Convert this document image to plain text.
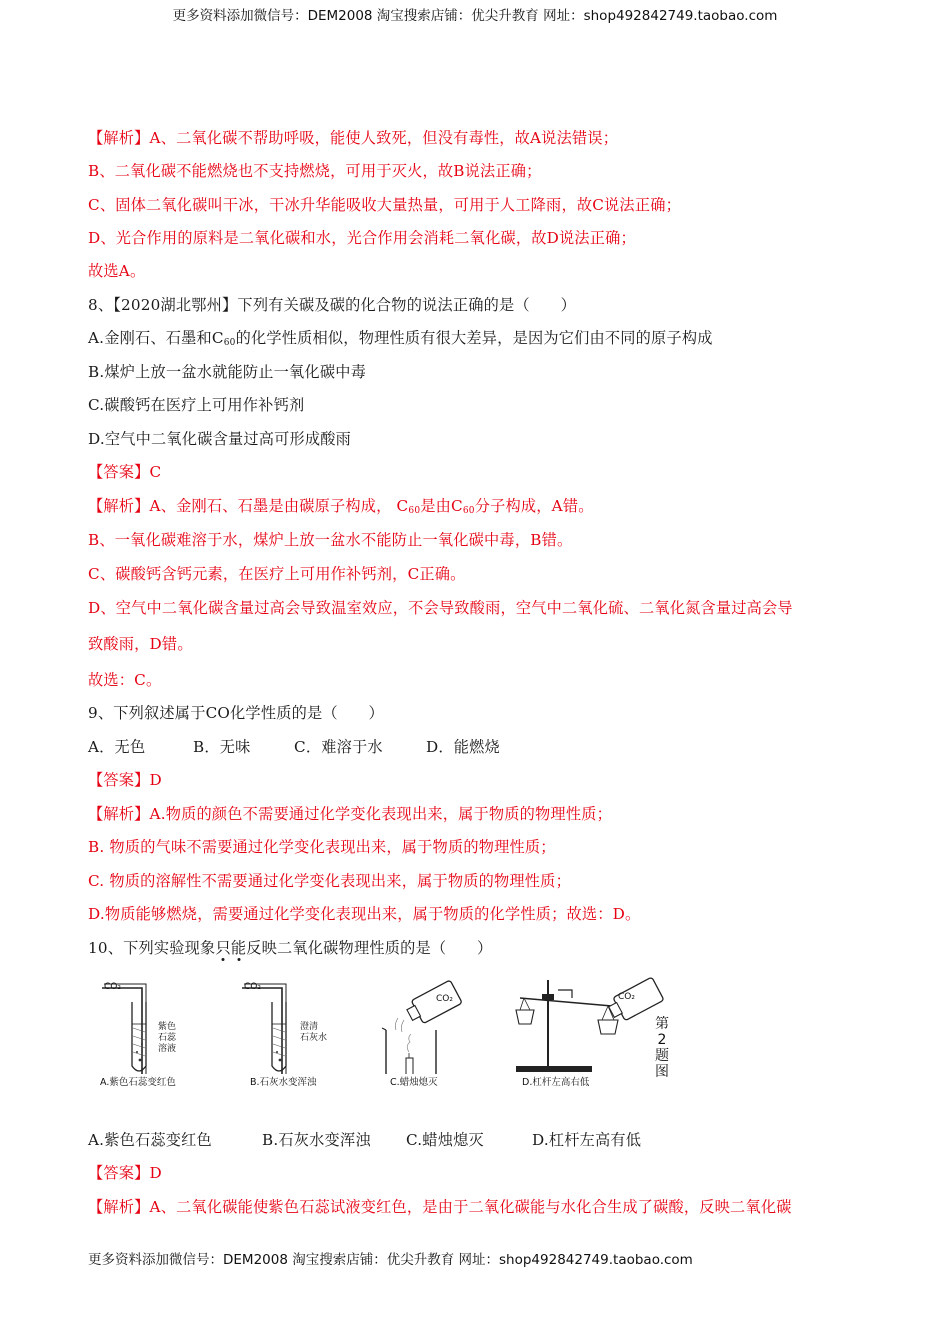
更多资料添加微信号：DEM2008 淘宝搜索店铺：优尖升教育 网址：shop492842749.taobao.com
【解析】A、二氧化碳不帮助呼吸，能使人致死，但没有毒性，故A说法错误；
B、二氧化碳不能燃烧也不支持燃烧，可用于灭火，故B说法正确；
C、固体二氧化碳叫干冰，干冰升华能吸收大量热量，可用于人工降雨，故C说法正确；
D、光合作用的原料是二氧化碳和水，光合作用会消耗二氧化碳，故D说法正确；
故选A。
8、【2020湖北鄂州】下列有关碳及碳的化合物的说法正确的是（　　）
A.金刚石、石墨和$C_{60}$的化学性质相似，物理性质有很大差异，是因为它们由不同的原子构成
B.煤炉上放一盆水就能防止一氧化碳中毒
C.碳酸钙在医疗上可用作补钙剂
D.空气中二氧化碳含量过高可形成酸雨
【答案】C
【解析】A、金刚石、石墨是由碳原子构成， $C_{60}$是由$C_{60}$分子构成，A错。
B、一氧化碳难溶于水，煤炉上放一盆水不能防止一氧化碳中毒，B错。
C、碳酸钙含钙元素，在医疗上可用作补钙剂，C正确。
D、空气中二氧化碳含量过高会导致温室效应，不会导致酸雨，空气中二氧化硫、二氧化氮含量过高会导
致酸雨，D错。
故选：C。
9、下列叙述属于CO化学性质的是（　　）
A．无色	B．无味	C．难溶于水	D．能燃烧
【答案】D
【解析】A.物质的颜色不需要通过化学变化表现出来，属于物质的物理性质；
B. 物质的气味不需要通过化学变化表现出来，属于物质的物理性质；
C. 物质的溶解性不需要通过化学变化表现出来，属于物质的物理性质；
D.物质能够燃烧，需要通过化学变化表现出来，属于物质的化学性质；故选：D。
10、下列实验现象只能反映二氧化碳物理性质的是（　　）
CO₂
紫色
石蕊
溶液
A.紫色石蕊变红色
CO₂
澄清
石灰水
B.石灰水变浑浊
CO₂
C.蜡烛熄灭
CO₂
D.杠杆左高右低
第2题图
A.紫色石蕊变红色	B.石灰水变浑浊 C.蜡烛熄灭	D.杠杆左高有低
【答案】D
【解析】A、二氧化碳能使紫色石蕊试液变红色，是由于二氧化碳能与水化合生成了碳酸，反映二氧化碳
更多资料添加微信号：DEM2008 淘宝搜索店铺：优尖升教育 网址：shop492842749.taobao.com
